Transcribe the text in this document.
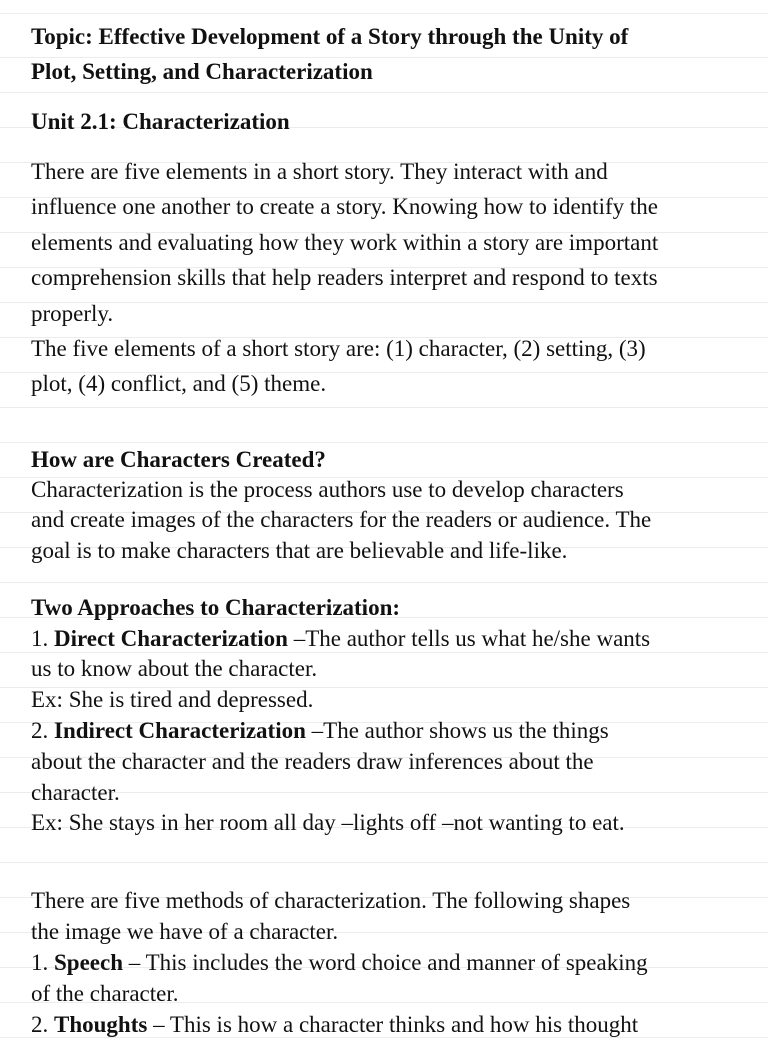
Topic: Effective Development of a Story through the Unity of

Plot, Setting, and Characterization

Unit 2.1: Characterization

There are five elements in a short story. They interact with and

influence one another to create a story. Knowing how to identify the

elements and evaluating how they work within a story are important

comprehension skills that help readers interpret and respond to texts

properly.

The five elements of a short story are: (1) character, (2) setting, (3)

plot, (4) conflict, and (5) theme.

How are Characters Created?

Characterization is the process authors use to develop characters

and create images of the characters for the readers or audience. The

goal is to make characters that are believable and life-like.

Two Approaches to Characterization:

1. Direct Characterization –The author tells us what he/she wants

us to know about the character.

Ex: She is tired and depressed.

2. Indirect Characterization –The author shows us the things

about the character and the readers draw inferences about the

character.

Ex: She stays in her room all day –lights off –not wanting to eat.

There are five methods of characterization. The following shapes

the image we have of a character.

1. Speech – This includes the word choice and manner of speaking

of the character.

2. Thoughts – This is how a character thinks and how his thought
